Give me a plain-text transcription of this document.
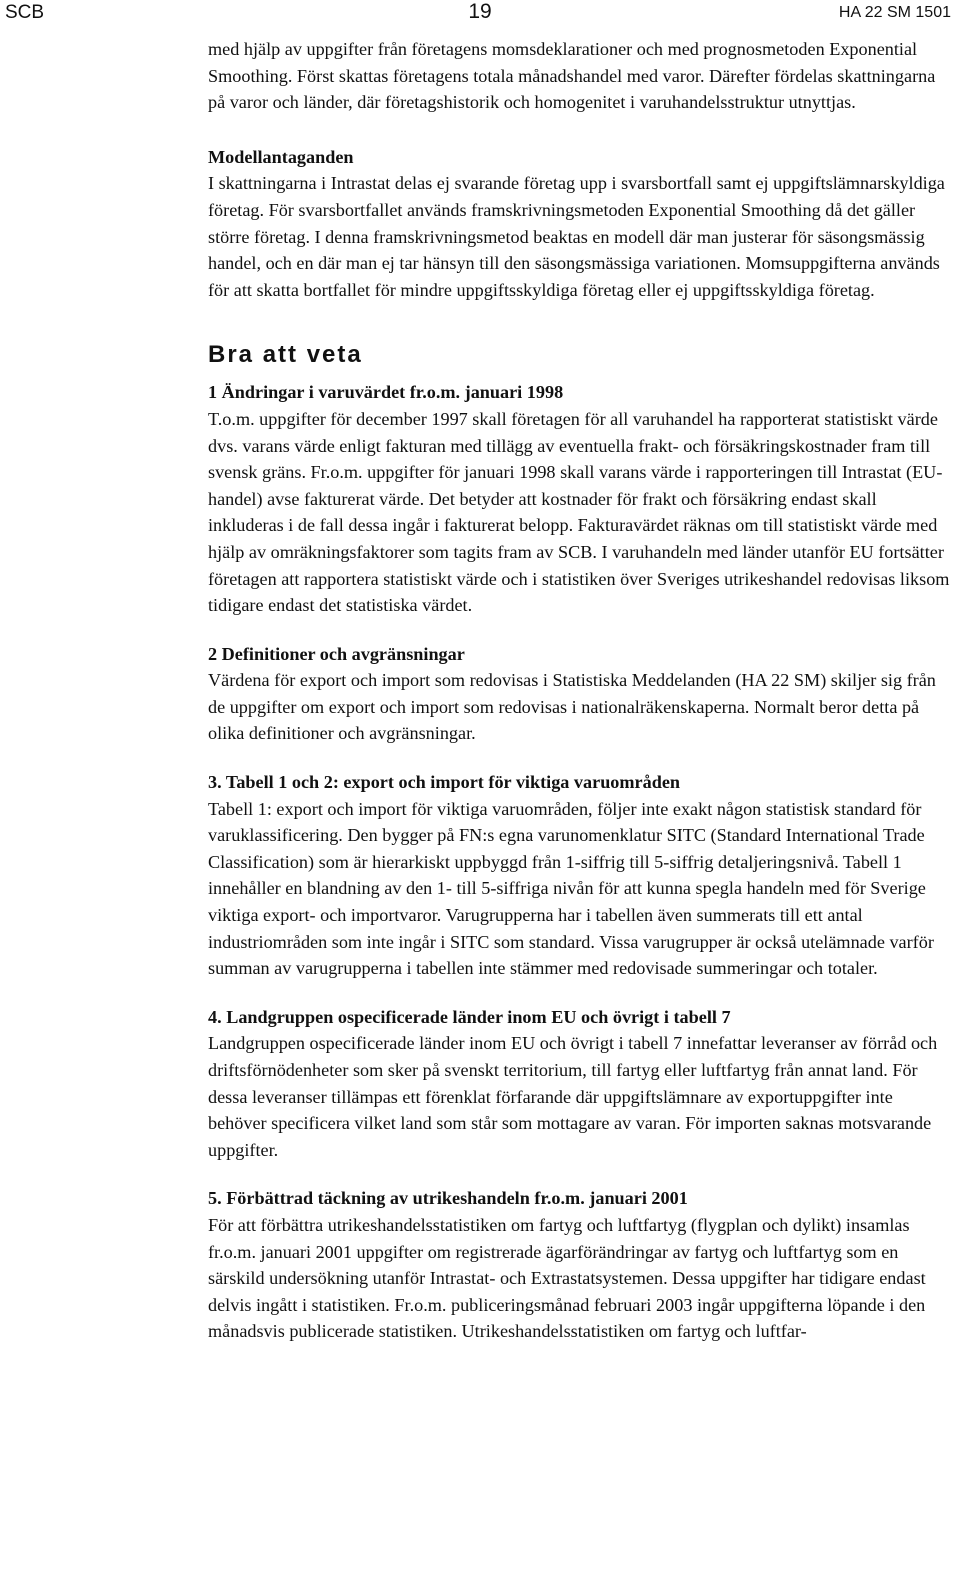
SCB	19	HA 22 SM 1501

med hjälp av uppgifter från företagens momsdeklarationer och med prognosmetoden Exponential Smoothing. Först skattas företagens totala månadshandel med varor. Därefter fördelas skattningarna på varor och länder, där företagshistorik och homogenitet i varuhandelsstruktur utnyttjas.

Modellantaganden

I skattningarna i Intrastat delas ej svarande företag upp i svarsbortfall samt ej uppgiftslämnarskyldiga företag. För svarsbortfallet används framskrivningsmetoden Exponential Smoothing då det gäller större företag. I denna framskrivningsmetod beaktas en modell där man justerar för säsongsmässig handel, och en där man ej tar hänsyn till den säsongsmässiga variationen. Momsuppgifterna används för att skatta bortfallet för mindre uppgiftsskyldiga företag eller ej uppgiftsskyldiga företag.

Bra att veta

1 Ändringar i varuvärdet fr.o.m. januari 1998

T.o.m. uppgifter för december 1997 skall företagen för all varuhandel ha rapporterat statistiskt värde dvs. varans värde enligt fakturan med tillägg av eventuella frakt- och försäkringskostnader fram till svensk gräns. Fr.o.m. uppgifter för januari 1998 skall varans värde i rapporteringen till Intrastat (EU-handel) avse fakturerat värde. Det betyder att kostnader för frakt och försäkring endast skall inkluderas i de fall dessa ingår i fakturerat belopp. Fakturavärdet räknas om till statistiskt värde med hjälp av omräkningsfaktorer som tagits fram av SCB. I varuhandeln med länder utanför EU fortsätter företagen att rapportera statistiskt värde och i statistiken över Sveriges utrikeshandel redovisas liksom tidigare endast det statistiska värdet.

2 Definitioner och avgränsningar

Värdena för export och import som redovisas i Statistiska Meddelanden (HA 22 SM) skiljer sig från de uppgifter om export och import som redovisas i nationalräkenskaperna. Normalt beror detta på olika definitioner och avgränsningar.

3. Tabell 1 och 2: export och import för viktiga varuområden

Tabell 1: export och import för viktiga varuområden, följer inte exakt någon statistisk standard för varuklassificering. Den bygger på FN:s egna varunomenklatur SITC (Standard International Trade Classification) som är hierarkiskt uppbyggd från 1-siffrig till 5-siffrig detaljeringsnivå. Tabell 1 innehåller en blandning av den 1- till 5-siffriga nivån för att kunna spegla handeln med för Sverige viktiga export- och importvaror. Varugrupperna har i tabellen även summerats till ett antal industriområden som inte ingår i SITC som standard. Vissa varugrupper är också utelämnade varför summan av varugrupperna i tabellen inte stämmer med redovisade summeringar och totaler.

4. Landgruppen ospecificerade länder inom EU och övrigt i tabell 7

Landgruppen ospecificerade länder inom EU och övrigt i tabell 7 innefattar leveranser av förråd och driftsförnödenheter som sker på svenskt territorium, till fartyg eller luftfartyg från annat land. För dessa leveranser tillämpas ett förenklat förfarande där uppgiftslämnare av exportuppgifter inte behöver specificera vilket land som står som mottagare av varan. För importen saknas motsvarande uppgifter.

5. Förbättrad täckning av utrikeshandeln fr.o.m. januari 2001

För att förbättra utrikeshandelsstatistiken om fartyg och luftfartyg (flygplan och dylikt) insamlas fr.o.m. januari 2001 uppgifter om registrerade ägarförändringar av fartyg och luftfartyg som en särskild undersökning utanför Intrastat- och Extrastatsystemen. Dessa uppgifter har tidigare endast delvis ingått i statistiken. Fr.o.m. publiceringsmånad februari 2003 ingår uppgifterna löpande i den månadsvis publicerade statistiken. Utrikeshandelsstatistiken om fartyg och luftfar-
